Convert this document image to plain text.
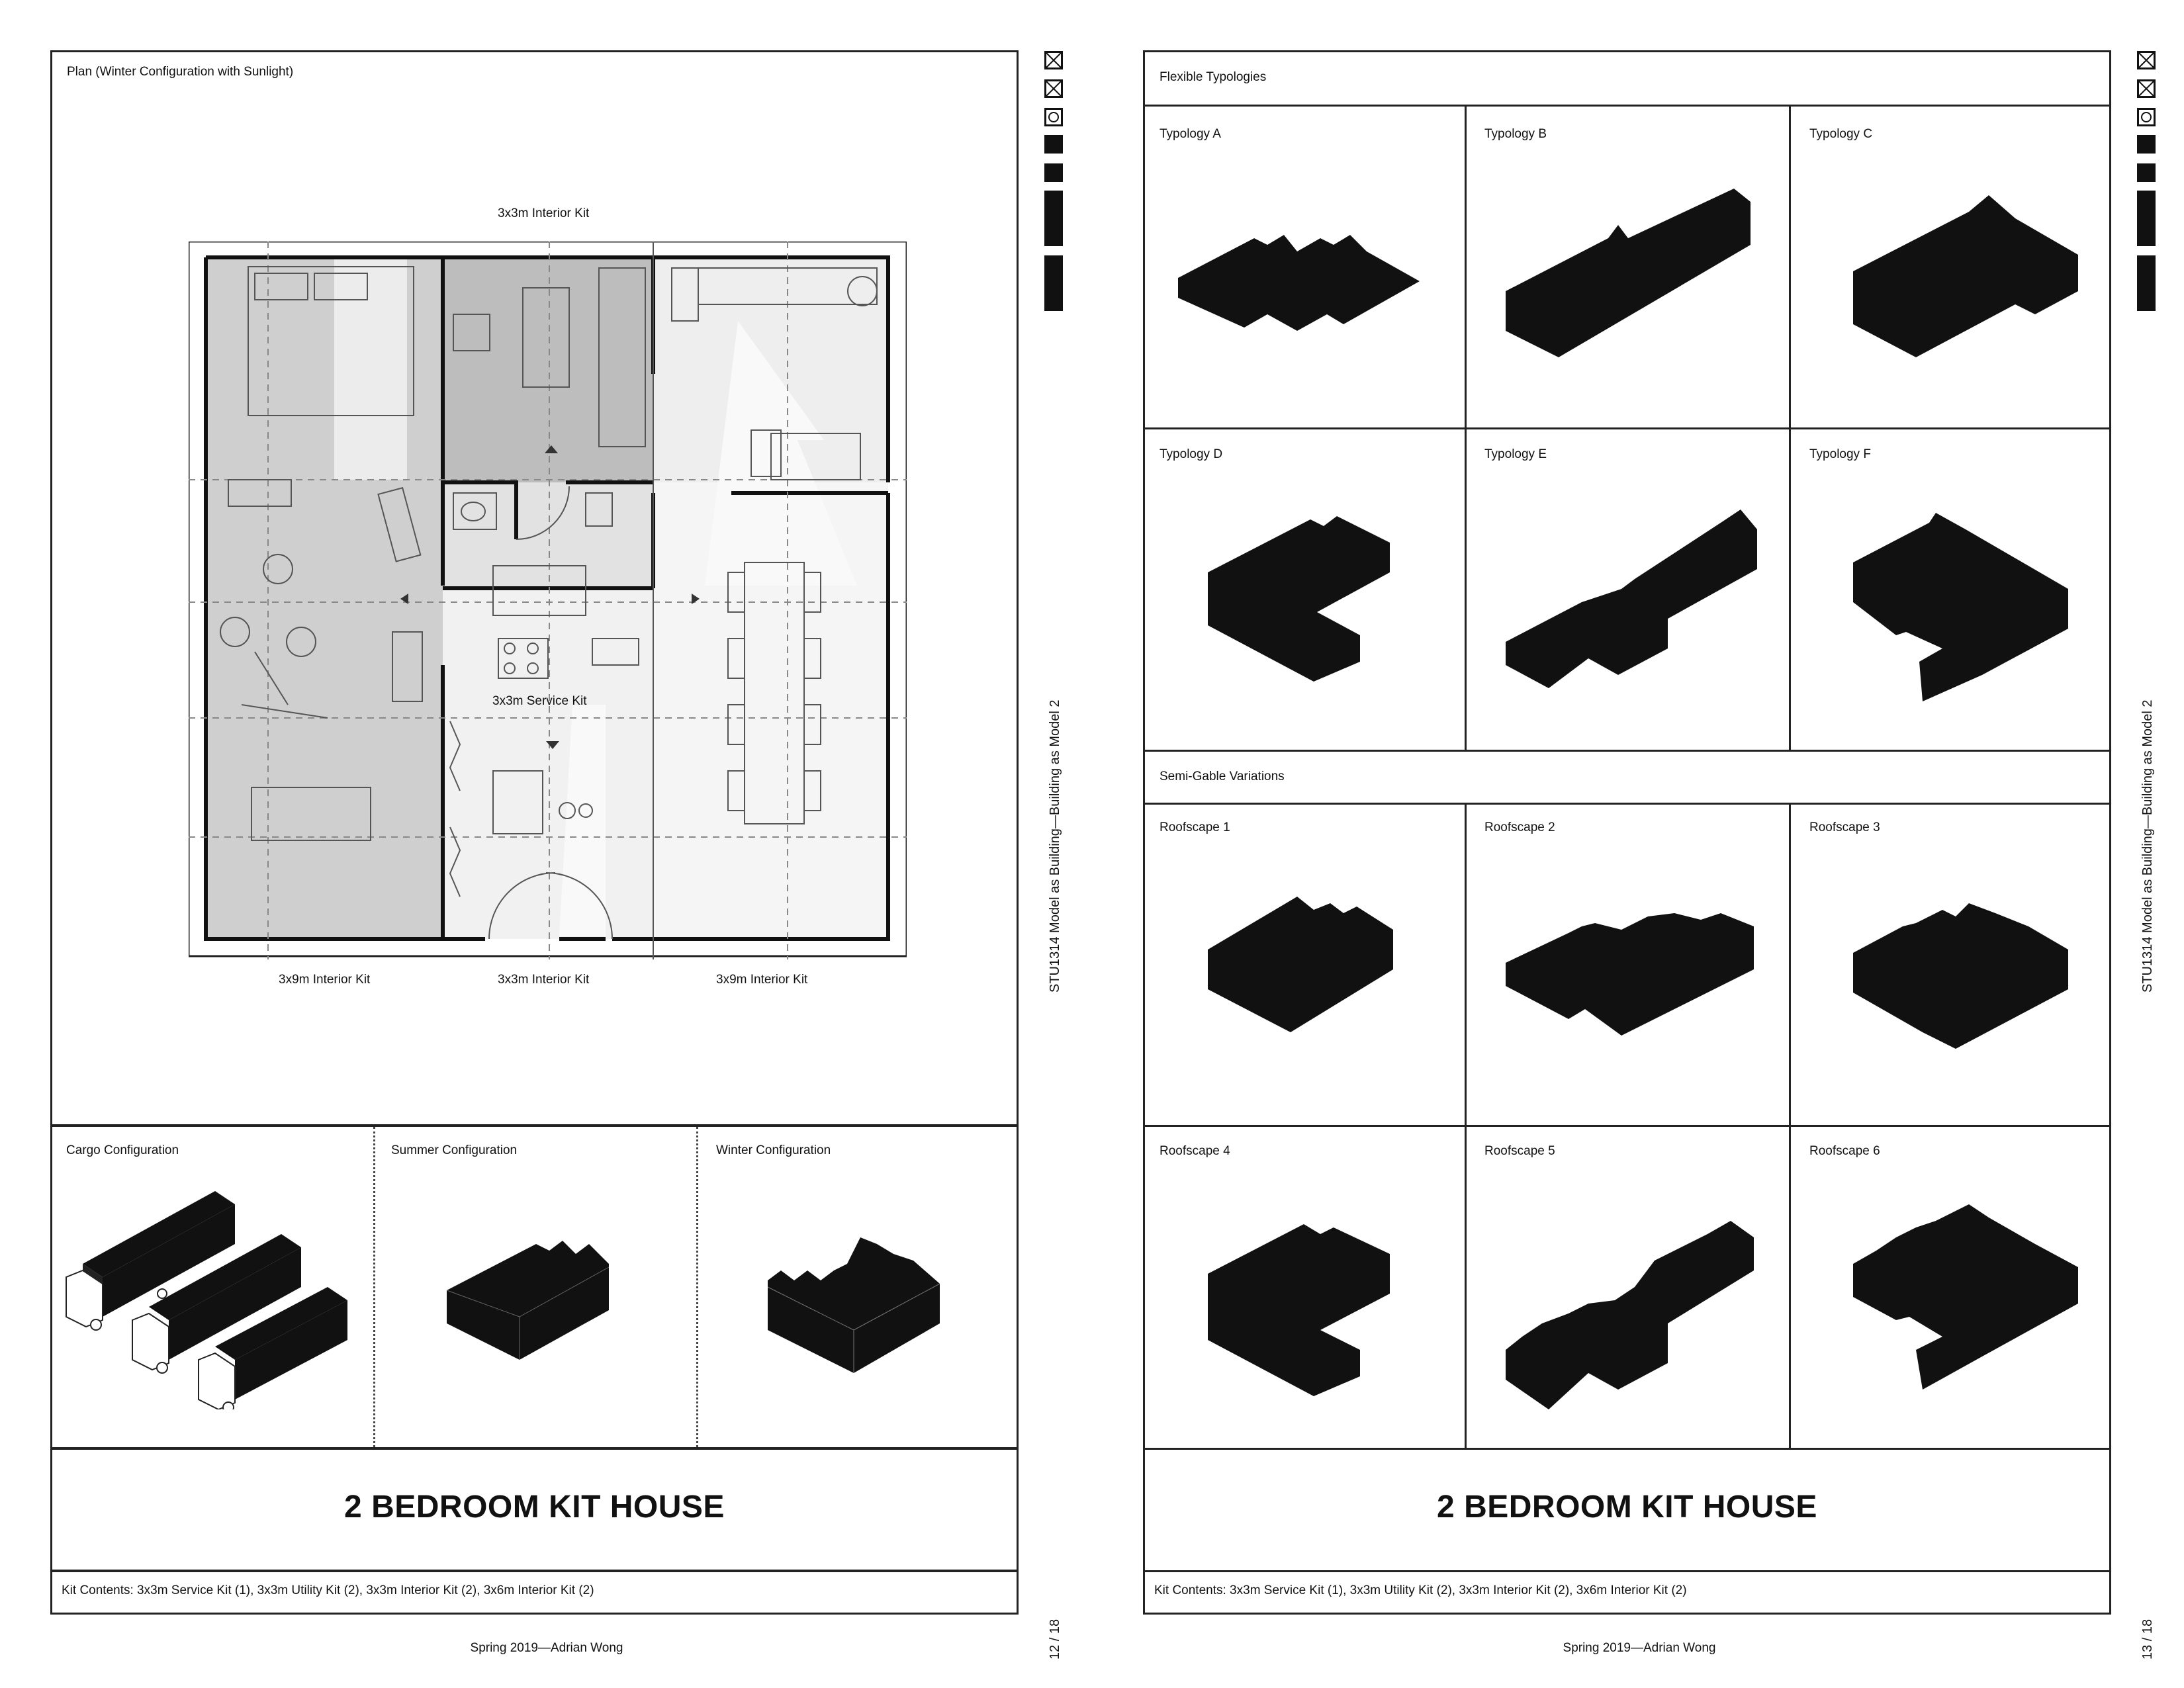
Plan (Winter Configuration with Sunlight)
3x3m Interior Kit
3x3m Service Kit
3x9m Interior Kit	3x3m Interior Kit	3x9m Interior Kit
Cargo Configuration	Summer Configuration	Winter Configuration
2 BEDROOM KIT HOUSE
Kit Contents: 3x3m Service Kit (1), 3x3m Utility Kit (2), 3x3m Interior Kit (2), 3x6m Interior Kit (2)
Spring 2019—Adrian Wong
STU1314 Model as Building—Building as Model 2
12 / 18
Flexible Typologies
Semi-Gable Variations
Typology A	Typology B	Typology C
Typology D	Typology E	Typology F
Roofscape 1	Roofscape 2	Roofscape 3
Roofscape 4	Roofscape 5	Roofscape 6
2 BEDROOM KIT HOUSE
Kit Contents: 3x3m Service Kit (1), 3x3m Utility Kit (2), 3x3m Interior Kit (2), 3x6m Interior Kit (2)
Spring 2019—Adrian Wong
STU1314 Model as Building—Building as Model 2
13 / 18
